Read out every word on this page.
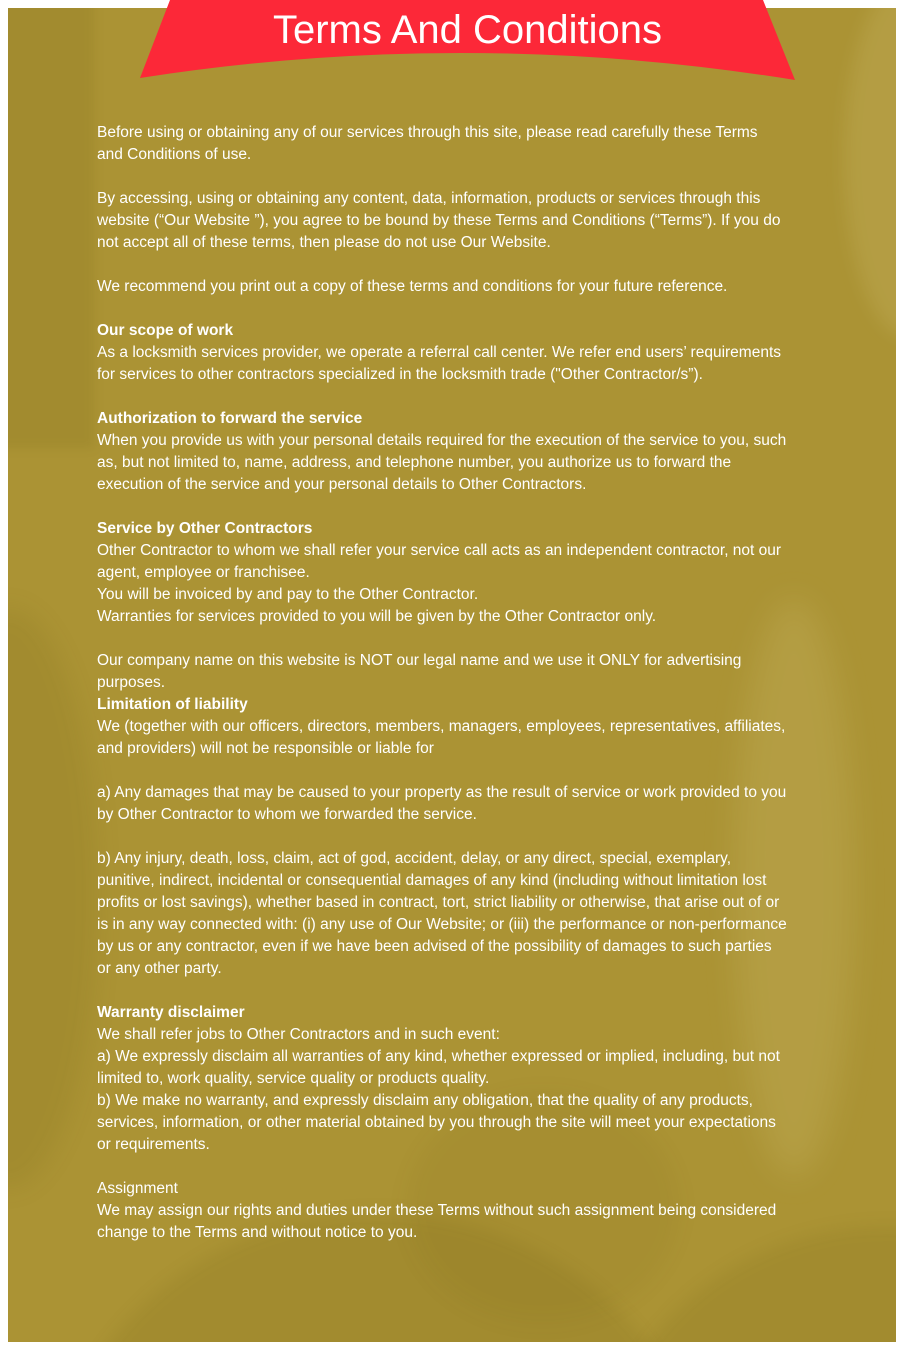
Before using or obtaining any of our services through this site, please read carefully these Terms and Conditions of use.

By accessing, using or obtaining any content, data, information, products or services through this website (“Our Website ”), you agree to be bound by these Terms and Conditions (“Terms”). If you do not accept all of these terms, then please do not use Our Website.

We recommend you print out a copy of these terms and conditions for your future reference.

Our scope of work

As a locksmith services provider, we operate a referral call center. We refer end users’ requirements for services to other contractors specialized in the locksmith trade ("Other Contractor/s”).

Authorization to forward the service

When you provide us with your personal details required for the execution of the service to you, such as, but not limited to, name, address, and telephone number, you authorize us to forward the execution of the service and your personal details to Other Contractors.

Service by Other Contractors

Other Contractor to whom we shall refer your service call acts as an independent contractor, not our agent, employee or franchisee.

You will be invoiced by and pay to the Other Contractor.

Warranties for services provided to you will be given by the Other Contractor only.

Our company name on this website is NOT our legal name and we use it ONLY for advertising purposes.

Limitation of liability

We (together with our officers, directors, members, managers, employees, representatives, affiliates, and providers) will not be responsible or liable for

a) Any damages that may be caused to your property as the result of service or work provided to you by Other Contractor to whom we forwarded the service.

b) Any injury, death, loss, claim, act of god, accident, delay, or any direct, special, exemplary, punitive, indirect, incidental or consequential damages of any kind (including without limitation lost profits or lost savings), whether based in contract, tort, strict liability or otherwise, that arise out of or is in any way connected with: (i) any use of Our Website; or (iii) the performance or non-performance by us or any contractor, even if we have been advised of the possibility of damages to such parties or any other party.

Warranty disclaimer

We shall refer jobs to Other Contractors and in such event:

a) We expressly disclaim all warranties of any kind, whether expressed or implied, including, but not limited to, work quality, service quality or products quality.

b) We make no warranty, and expressly disclaim any obligation, that the quality of any products, services, information, or other material obtained by you through the site will meet your expectations or requirements.

Assignment

We may assign our rights and duties under these Terms without such assignment being considered change to the Terms and without notice to you.

Terms And Conditions
